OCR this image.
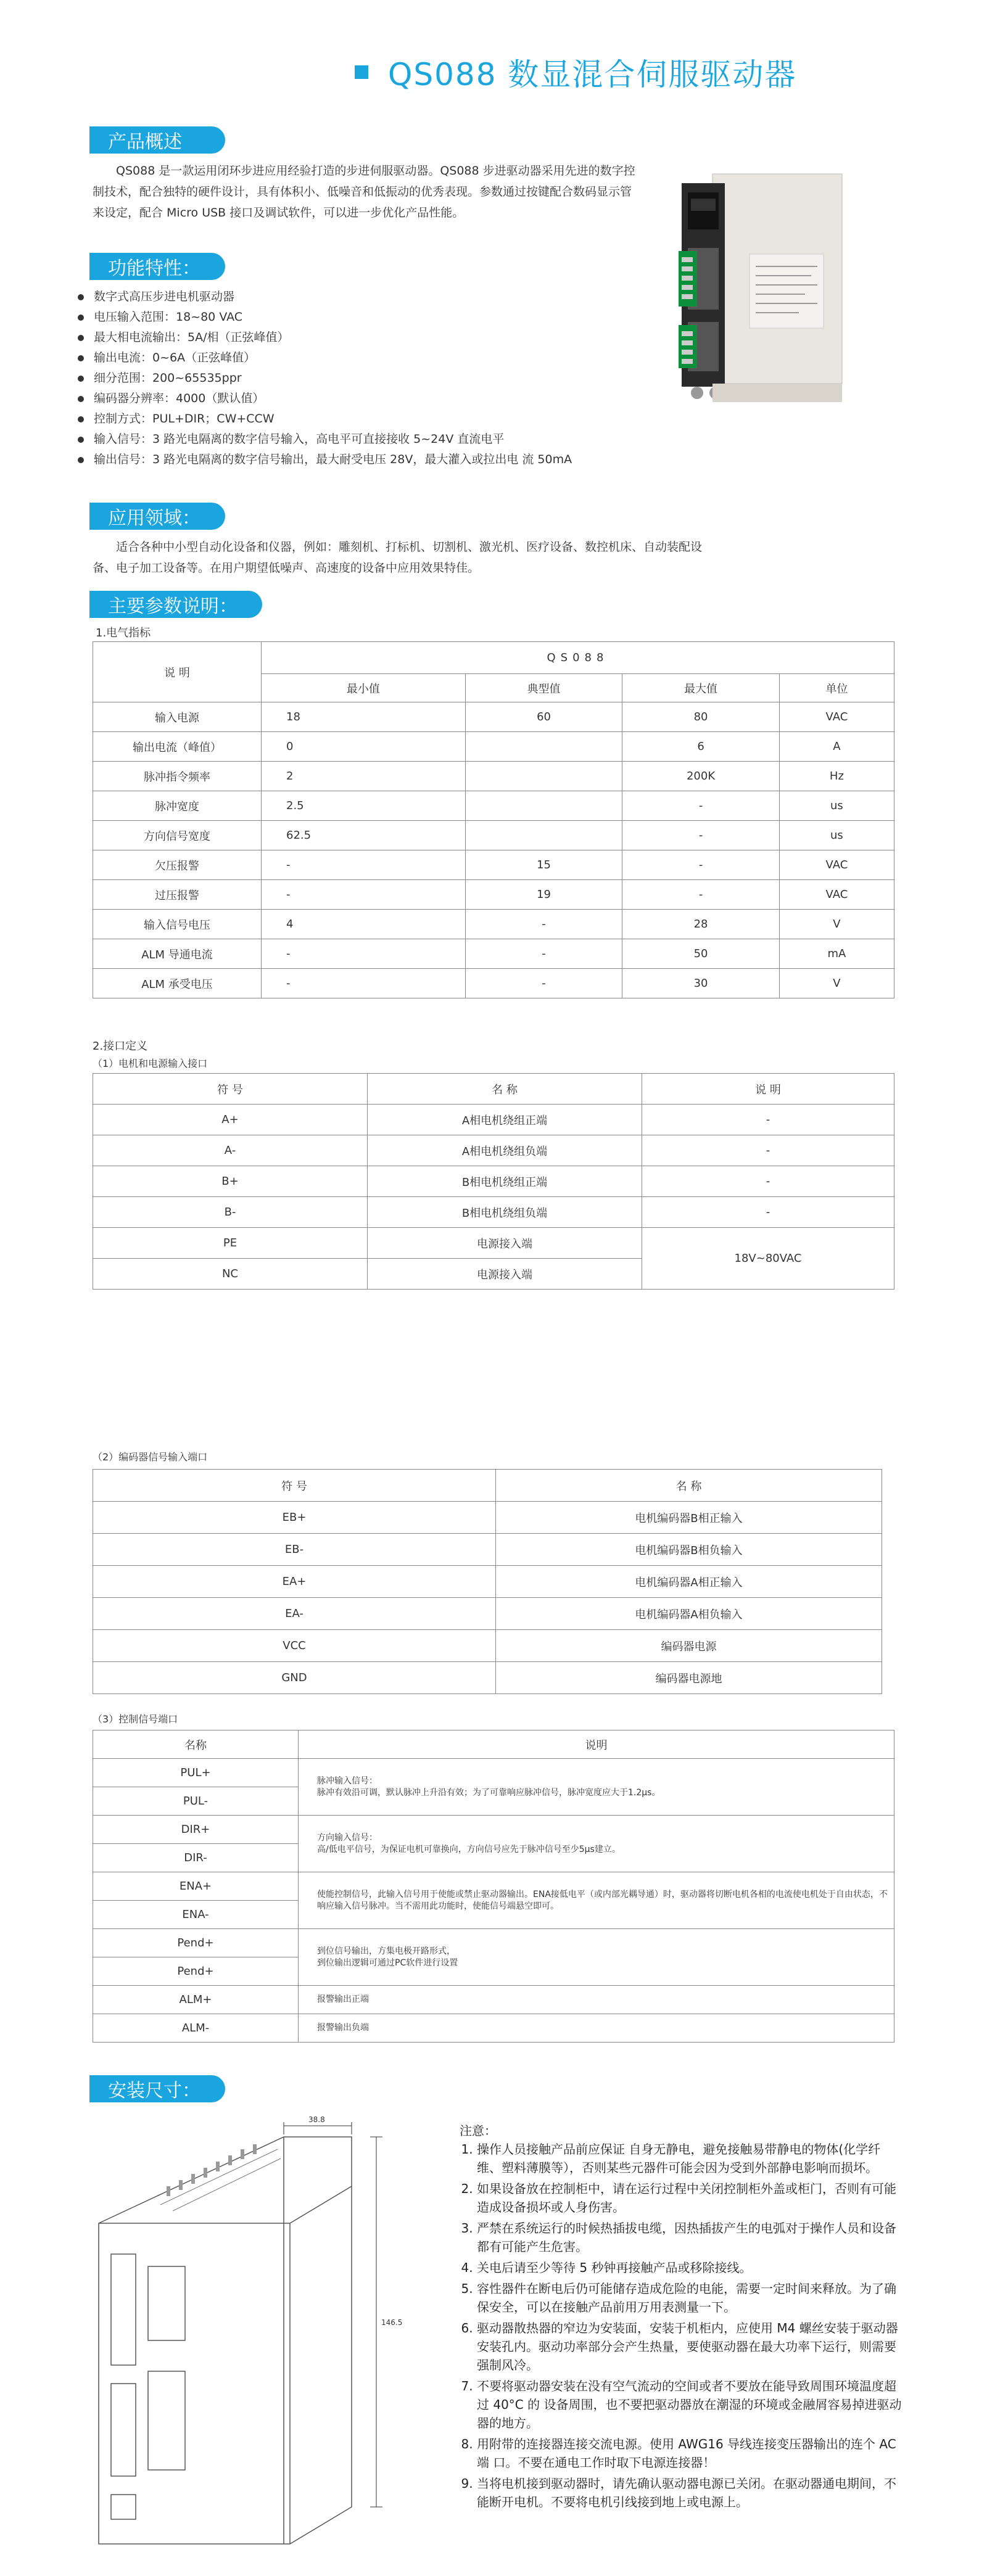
QS088 数显混合伺服驱动器
产品概述
QS088 是一款运用闭环步进应用经验打造的步进伺服驱动器。QS088 步进驱动器采用先进的数字控制技术，配合独特的硬件设计，具有体积小、低噪音和低振动的优秀表现。参数通过按键配合数码显示管来设定，配合 Micro USB 接口及调试软件，可以进一步优化产品性能。
功能特性：
数字式高压步进电机驱动器
电压输入范围：18~80 VAC
最大相电流输出：5A/相（正弦峰值）
输出电流：0~6A（正弦峰值）
细分范围：200~65535ppr
编码器分辨率：4000（默认值）
控制方式：PUL+DIR；CW+CCW
输入信号：3 路光电隔离的数字信号输入，高电平可直接接收 5~24V 直流电平
输出信号：3 路光电隔离的数字信号输出，最大耐受电压 28V，最大灌入或拉出电 流 50mA
应用领域：
适合各种中小型自动化设备和仪器，例如：雕刻机、打标机、切割机、激光机、医疗设备、数控机床、自动装配设备、电子加工设备等。在用户期望低噪声、高速度的设备中应用效果特佳。
主要参数说明：
1.电气指标
说 明	QS088			
	最小值	典型值	最大值	单位
输入电源	18	60	80	VAC
输出电流（峰值）	0		6	A
脉冲指令频率	2		200K	Hz
脉冲宽度	2.5		-	us
方向信号宽度	62.5		-	us
欠压报警	-	15	-	VAC
过压报警	-	19	-	VAC
输入信号电压	4	-	28	V
ALM 导通电流	-	-	50	mA
ALM 承受电压	-	-	30	V
2.接口定义
（1）电机和电源输入接口
符 号	名 称	说 明
A+	A相电机绕组正端	-
A-	A相电机绕组负端	-
B+	B相电机绕组正端	-
B-	B相电机绕组负端	-
PE	电源接入端	18V~80VAC
NC	电源接入端	
（2）编码器信号输入端口
符 号	名 称
EB+	电机编码器B相正输入
EB-	电机编码器B相负输入
EA+	电机编码器A相正输入
EA-	电机编码器A相负输入
VCC	编码器电源
GND	编码器电源地
（3）控制信号端口
名称	说明
PUL+	脉冲输入信号：
脉冲有效沿可调，默认脉冲上升沿有效；为了可靠响应脉冲信号，脉冲宽度应大于1.2μs。
PUL-	
DIR+	方向输入信号：
高/低电平信号，为保证电机可靠换向，方向信号应先于脉冲信号至少5μs建立。
DIR-	
ENA+	使能控制信号，此输入信号用于使能或禁止驱动器输出。ENA接低电平（或内部光耦导通）时，驱动器将切断电机各相的电流使电机处于自由状态，不响应输入信号脉冲。当不需用此功能时，使能信号端悬空即可。
ENA-	
Pend+	到位信号输出，方集电极开路形式，
到位输出逻辑可通过PC软件进行设置
Pend+	
ALM+	报警输出正端
ALM-	报警输出负端
安装尺寸：
38.8
146.5
注意：
1. 操作人员接触产品前应保证 自身无静电，避免接触易带静电的物体(化学纤维、塑料薄膜等），否则某些元器件可能会因为受到外部静电影响而损坏。
2. 如果设备放在控制柜中，请在运行过程中关闭控制柜外盖或柜门，否则有可能造成设备损坏或人身伤害。
3. 严禁在系统运行的时候热插拔电缆，因热插拔产生的电弧对于操作人员和设备都有可能产生危害。
4. 关电后请至少等待 5 秒钟再接触产品或移除接线。
5. 容性器件在断电后仍可能储存造成危险的电能，需要一定时间来释放。为了确保安全，可以在接触产品前用万用表测量一下。
6. 驱动器散热器的窄边为安装面，安装于机柜内，应使用 M4 螺丝安装于驱动器安装孔内。驱动功率部分会产生热量，要使驱动器在最大功率下运行，则需要强制风冷。
7. 不要将驱动器安装在没有空气流动的空间或者不要放在能导致周围环境温度超过 40°C 的 设备周围，也不要把驱动器放在潮湿的环境或金融屑容易掉进驱动器的地方。
8. 用附带的连接器连接交流电源。使用 AWG16 导线连接变压器输出的连个 AC 端 口。不要在通电工作时取下电源连接器！
9. 当将电机接到驱动器时，请先确认驱动器电源已关闭。在驱动器通电期间，不能断开电机。不要将电机引线接到地上或电源上。
